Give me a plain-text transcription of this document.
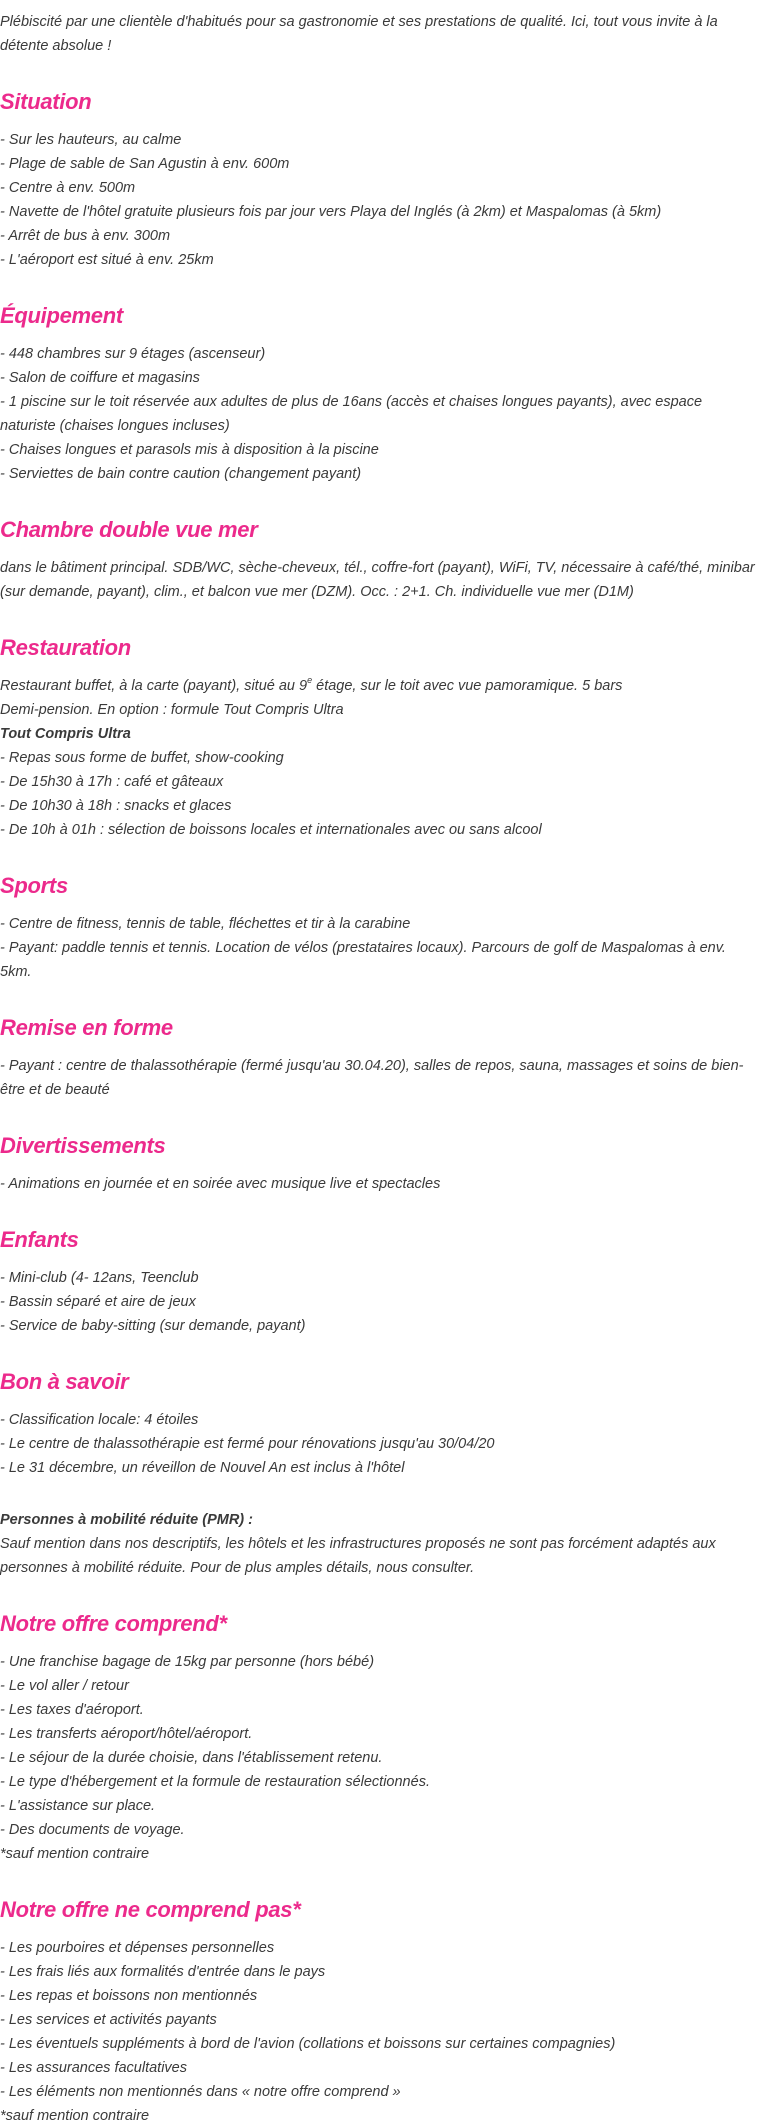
Plébiscité par une clientèle d'habitués pour sa gastronomie et ses prestations de qualité. Ici, tout vous invite à la détente absolue !

Situation
- Sur les hauteurs, au calme
- Plage de sable de San Agustin à env. 600m
- Centre à env. 500m
- Navette de l'hôtel gratuite plusieurs fois par jour vers Playa del Inglés (à 2km) et Maspalomas (à 5km)
- Arrêt de bus à env. 300m
- L'aéroport est situé à env. 25km
Équipement
- 448 chambres sur 9 étages (ascenseur)
- Salon de coiffure et magasins
- 1 piscine sur le toit réservée aux adultes de plus de 16ans (accès et chaises longues payants), avec espace naturiste (chaises longues incluses)
- Chaises longues et parasols mis à disposition à la piscine
- Serviettes de bain contre caution (changement payant)
Chambre double vue mer

dans le bâtiment principal. SDB/WC, sèche-cheveux, tél., coffre-fort (payant), WiFi, TV, nécessaire à café/thé, minibar (sur demande, payant), clim., et balcon vue mer (DZM). Occ. : 2+1. Ch. individuelle vue mer (D1M)

Restauration

Restaurant buffet, à la carte (payant), situé au 9e étage, sur le toit avec vue pamoramique. 5 bars

Demi-pension. En option : formule Tout Compris Ultra

Tout Compris Ultra

- Repas sous forme de buffet, show-cooking
- De 15h30 à 17h : café et gâteaux
- De 10h30 à 18h : snacks et glaces
- De 10h à 01h : sélection de boissons locales et internationales avec ou sans alcool
Sports
- Centre de fitness, tennis de table, fléchettes et tir à la carabine
- Payant: paddle tennis et tennis. Location de vélos (prestataires locaux). Parcours de golf de Maspalomas à env. 5km.
Remise en forme
- Payant : centre de thalassothérapie (fermé jusqu'au 30.04.20), salles de repos, sauna, massages et soins de bien-être et de beauté
Divertissements
- Animations en journée et en soirée avec musique live et spectacles
Enfants
- Mini-club (4- 12ans, Teenclub
- Bassin séparé et aire de jeux
- Service de baby-sitting (sur demande, payant)
Bon à savoir
- Classification locale: 4 étoiles
- Le centre de thalassothérapie est fermé pour rénovations jusqu'au 30/04/20
- Le 31 décembre, un réveillon de Nouvel An est inclus à l'hôtel

Personnes à mobilité réduite (PMR) :

Sauf mention dans nos descriptifs, les hôtels et les infrastructures proposés ne sont pas forcément adaptés aux personnes à mobilité réduite. Pour de plus amples détails, nous consulter.

Notre offre comprend*
- Une franchise bagage de 15kg par personne (hors bébé)
- Le vol aller / retour
- Les taxes d'aéroport.
- Les transferts aéroport/hôtel/aéroport.
- Le séjour de la durée choisie, dans l'établissement retenu.
- Le type d'hébergement et la formule de restauration sélectionnés.
- L'assistance sur place.
- Des documents de voyage.

*sauf mention contraire

Notre offre ne comprend pas*
- Les pourboires et dépenses personnelles
- Les frais liés aux formalités d'entrée dans le pays
- Les repas et boissons non mentionnés
- Les services et activités payants
- Les éventuels suppléments à bord de l'avion (collations et boissons sur certaines compagnies)
- Les assurances facultatives
- Les éléments non mentionnés dans « notre offre comprend »

*sauf mention contraire
